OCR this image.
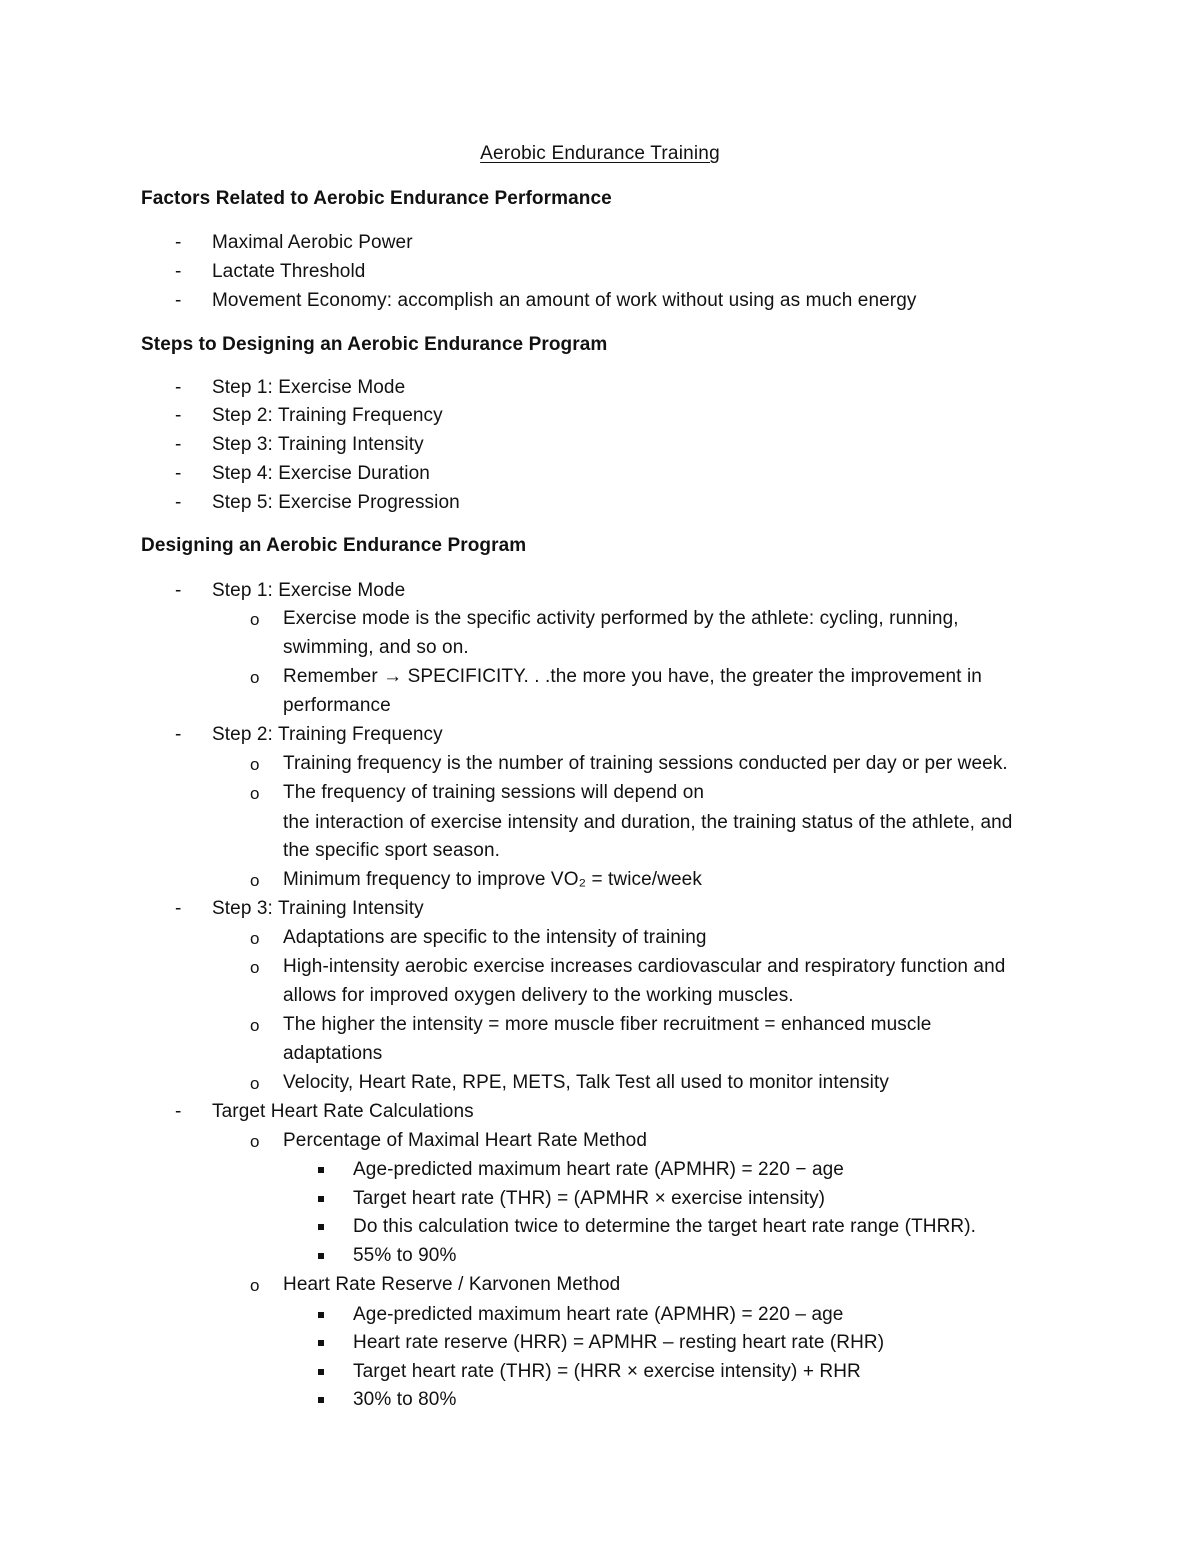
Aerobic Endurance Training
Factors Related to Aerobic Endurance Performance
- Maximal Aerobic Power
- Lactate Threshold
- Movement Economy: accomplish an amount of work without using as much energy
Steps to Designing an Aerobic Endurance Program
- Step 1: Exercise Mode
- Step 2: Training Frequency
- Step 3: Training Intensity
- Step 4: Exercise Duration
- Step 5: Exercise Progression
Designing an Aerobic Endurance Program
- Step 1: Exercise Mode
o Exercise mode is the specific activity performed by the athlete: cycling, running,
swimming, and so on.
o Remember → SPECIFICITY. . .the more you have, the greater the improvement in
performance
- Step 2: Training Frequency
o Training frequency is the number of training sessions conducted per day or per week.
o The frequency of training sessions will depend on
the interaction of exercise intensity and duration, the training status of the athlete, and
the specific sport season.
o Minimum frequency to improve VO₂ = twice/week
- Step 3: Training Intensity
o Adaptations are specific to the intensity of training
o High-intensity aerobic exercise increases cardiovascular and respiratory function and
allows for improved oxygen delivery to the working muscles.
o The higher the intensity = more muscle fiber recruitment = enhanced muscle
adaptations
o Velocity, Heart Rate, RPE, METS, Talk Test all used to monitor intensity
- Target Heart Rate Calculations
o Percentage of Maximal Heart Rate Method
Age-predicted maximum heart rate (APMHR) = 220 − age
Target heart rate (THR) = (APMHR × exercise intensity)
Do this calculation twice to determine the target heart rate range (THRR).
55% to 90%
o Heart Rate Reserve / Karvonen Method
Age-predicted maximum heart rate (APMHR) = 220 – age
Heart rate reserve (HRR) = APMHR – resting heart rate (RHR)
Target heart rate (THR) = (HRR × exercise intensity) + RHR
30% to 80%
